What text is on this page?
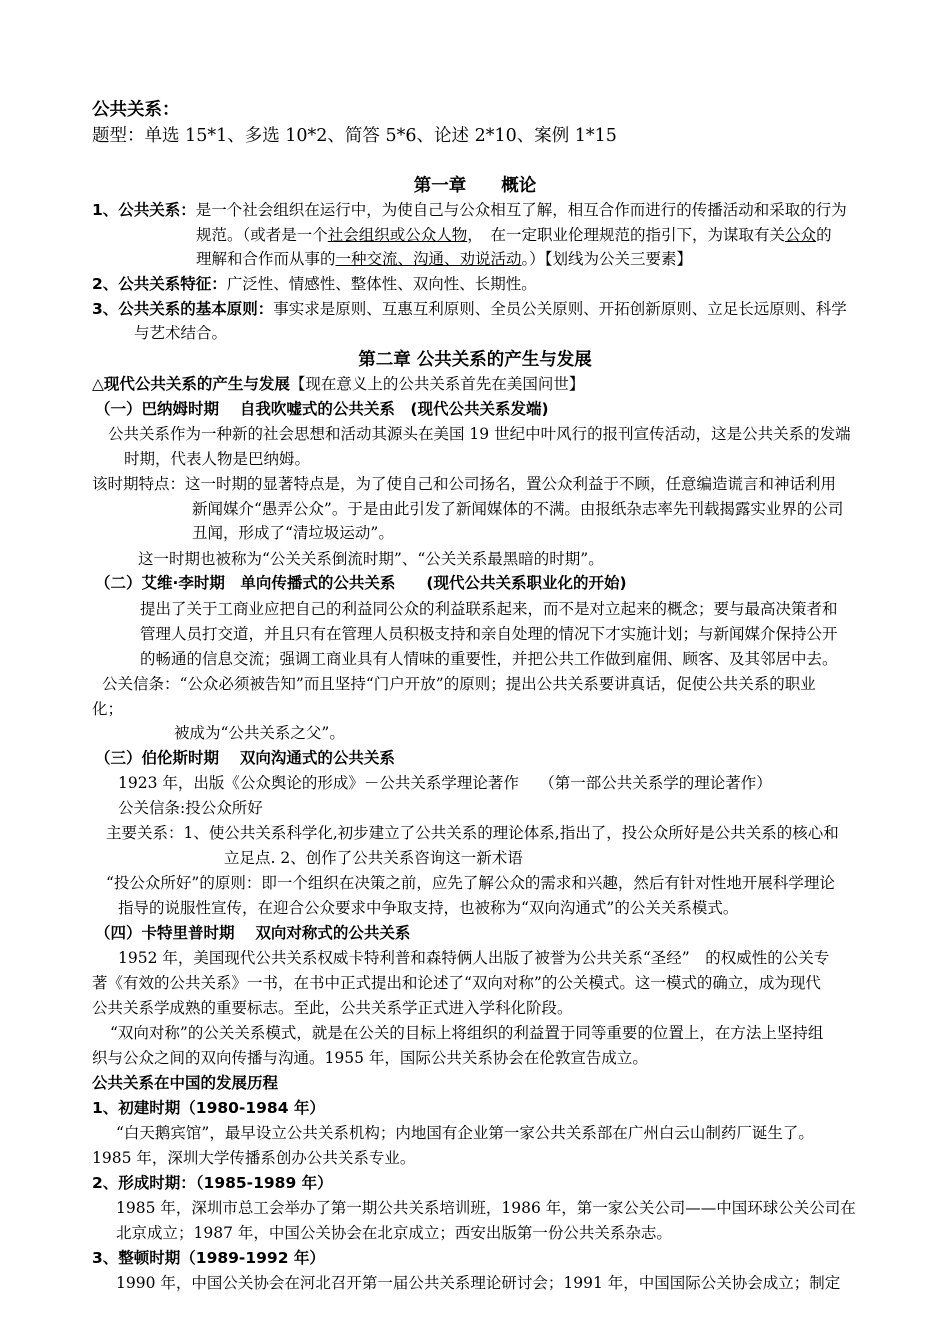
公共关系：
题型：单选 15*1、多选 10*2、简答 5*6、论述 2*10、案例 1*15
第一章　　概论
1、公共关系：是一个社会组织在运行中，为使自己与公众相互了解，相互合作而进行的传播活动和采取的行为
规范。（或者是一个社会组织或公众人物，　在一定职业伦理规范的指引下，为谋取有关公众的
理解和合作而从事的一种交流、沟通、劝说活动。）【划线为公关三要素】
2、公共关系特征：广泛性、情感性、整体性、双向性、长期性。
3、公共关系的基本原则：事实求是原则、互惠互利原则、全员公关原则、开拓创新原则、立足长远原则、科学
与艺术结合。
第二章 公共关系的产生与发展
△现代公共关系的产生与发展【现在意义上的公共关系首先在美国问世】
（一）巴纳姆时期　 自我吹嘘式的公共关系　(现代公共关系发端)
公共关系作为一种新的社会思想和活动其源头在美国 19 世纪中叶风行的报刊宣传活动，这是公共关系的发端
时期，代表人物是巴纳姆。
该时期特点：这一时期的显著特点是，为了使自己和公司扬名，置公众利益于不顾，任意编造谎言和神话利用
新闻媒介“愚弄公众”。于是由此引发了新闻媒体的不满。由报纸杂志率先刊载揭露实业界的公司
丑闻，形成了“清垃圾运动”。
这一时期也被称为“公关关系倒流时期”、“公关关系最黑暗的时期”。
（二）艾维·李时期　单向传播式的公共关系　　(现代公共关系职业化的开始)
提出了关于工商业应把自己的利益同公众的利益联系起来，而不是对立起来的概念；要与最高决策者和
管理人员打交道，并且只有在管理人员积极支持和亲自处理的情况下才实施计划；与新闻媒介保持公开
的畅通的信息交流；强调工商业具有人情味的重要性，并把公共工作做到雇佣、顾客、及其邻居中去。
公关信条：“公众必须被告知”而且坚持“门户开放”的原则；提出公共关系要讲真话，促使公共关系的职业
化；
被成为“公共关系之父”。
（三）伯伦斯时期　 双向沟通式的公共关系
1923 年，出版《公众舆论的形成》－公共关系学理论著作　 （第一部公共关系学的理论著作）
公关信条:投公众所好
主要关系：1、使公共关系科学化,初步建立了公共关系的理论体系,指出了，投公众所好是公共关系的核心和
立足点. 2、创作了公共关系咨询这一新术语
“投公众所好”的原则：即一个组织在决策之前，应先了解公众的需求和兴趣，然后有针对性地开展科学理论
指导的说服性宣传，在迎合公众要求中争取支持，也被称为“双向沟通式”的公关关系模式。
（四）卡特里普时期　 双向对称式的公共关系
1952 年，美国现代公共关系权威卡特利普和森特俩人出版了被誉为公共关系“圣经”　的权威性的公关专
著《有效的公共关系》一书，在书中正式提出和论述了“双向对称”的公关模式。这一模式的确立，成为现代
公共关系学成熟的重要标志。至此，公共关系学正式进入学科化阶段。
“双向对称”的公关关系模式，就是在公关的目标上将组织的利益置于同等重要的位置上，在方法上坚持组
织与公众之间的双向传播与沟通。1955 年，国际公共关系协会在伦敦宣告成立。
公共关系在中国的发展历程
1、初建时期（1980-1984 年）
“白天鹅宾馆”，最早设立公共关系机构；内地国有企业第一家公共关系部在广州白云山制药厂诞生了。
1985 年，深圳大学传播系创办公共关系专业。
2、形成时期：（1985-1989 年）
1985 年，深圳市总工会举办了第一期公共关系培训班，1986 年，第一家公关公司——中国环球公关公司在
北京成立；1987 年，中国公关协会在北京成立；西安出版第一份公共关系杂志。
3、整顿时期（1989-1992 年）
1990 年，中国公关协会在河北召开第一届公共关系理论研讨会；1991 年，中国国际公关协会成立；制定
